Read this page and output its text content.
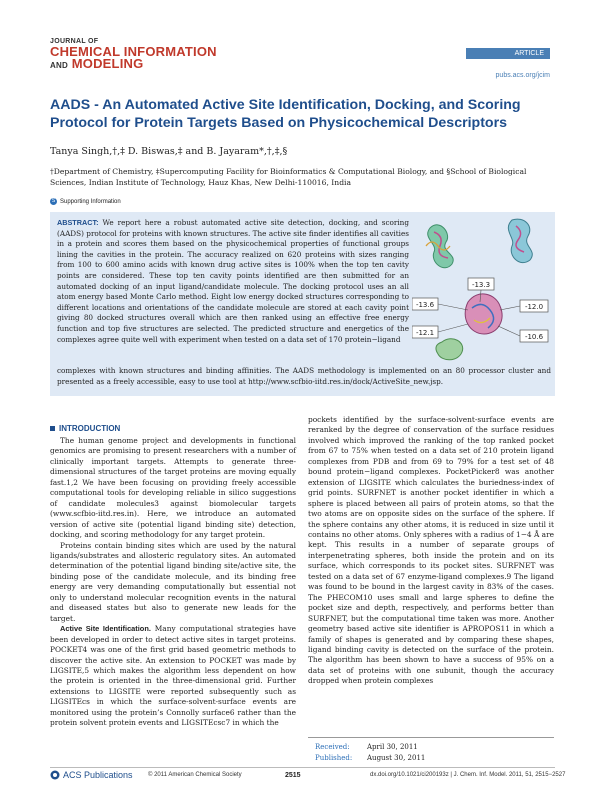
JOURNAL OF
CHEMICAL INFORMATION
AND MODELING
ARTICLE
pubs.acs.org/jcim
AADS - An Automated Active Site Identification, Docking, and Scoring Protocol for Protein Targets Based on Physicochemical Descriptors
Tanya Singh,†,‡ D. Biswas,‡ and B. Jayaram*,†,‡,§
†Department of Chemistry, ‡Supercomputing Facility for Bioinformatics & Computational Biology, and §School of Biological Sciences, Indian Institute of Technology, Hauz Khas, New Delhi-110016, India
S Supporting Information
ABSTRACT: We report here a robust automated active site detection, docking, and scoring (AADS) protocol for proteins with known structures. The active site finder identifies all cavities in a protein and scores them based on the physicochemical properties of functional groups lining the cavities in the protein. The accuracy realized on 620 proteins with sizes ranging from 100 to 600 amino acids with known drug active sites is 100% when the top ten cavity points are considered. These top ten cavity points identified are then submitted for an automated docking of an input ligand/candidate molecule. The docking protocol uses an all atom energy based Monte Carlo method. Eight low energy docked structures corresponding to different locations and orientations of the candidate molecule are stored at each cavity point giving 80 docked structures overall which are then ranked using an effective free energy function and top five structures are selected. The predicted structure and energetics of the complexes agree quite well with experiment when tested on a data set of 170 protein−ligand
complexes with known structures and binding affinities. The AADS methodology is implemented on an 80 processor cluster and presented as a freely accessible, easy to use tool at http://www.scfbio-iitd.res.in/dock/ActiveSite_new.jsp.
-13.3
-13.6	-12.0
-12.1	-10.6
INTRODUCTION

The human genome project and developments in functional genomics are promising to present researchers with a number of clinically important targets. Attempts to generate three-dimensional structures of the target proteins are moving equally fast.1,2 We have been focusing on providing freely accessible computational tools for developing reliable in silico suggestions of candidate molecules3 against biomolecular targets (www.scfbio-iitd.res.in). Here, we introduce an automated version of active site (potential ligand binding site) detection, docking, and scoring methodology for any target protein.

Proteins contain binding sites which are used by the natural ligands/substrates and allosteric regulatory sites. An automated determination of the potential ligand binding site/active site, the binding pose of the candidate molecule, and its binding free energy are very demanding computationally but essential not only to understand molecular recognition events in the natural and diseased states but also to generate new leads for the target.

Active Site Identification. Many computational strategies have been developed in order to detect active sites in target proteins. POCKET4 was one of the first grid based geometric methods to discover the active site. An extension to POCKET was made by LIGSITE,5 which makes the algorithm less dependent on how the protein is oriented in the three-dimensional grid. Further extensions to LIGSITE were reported subsequently such as LIGSITEcs in which the surface-solvent-surface events are monitored using the protein’s Connolly surface6 rather than the protein solvent protein events and LIGSITEcsc7 in which the

pockets identified by the surface-solvent-surface events are reranked by the degree of conservation of the surface residues involved which improved the ranking of the top ranked pocket from 67 to 75% when tested on a data set of 210 protein ligand complexes from PDB and from 69 to 79% for a test set of 48 bound protein−ligand complexes. PocketPicker8 was another extension of LIGSITE which calculates the buriedness-index of grid points. SURFNET is another pocket identifier in which a sphere is placed between all pairs of protein atoms, so that the two atoms are on opposite sides on the surface of the sphere. If the sphere contains any other atoms, it is reduced in size until it contains no other atoms. Only spheres with a radius of 1−4 Å are kept. This results in a number of separate groups of interpenetrating spheres, both inside the protein and on its surface, which corresponds to its pocket sites. SURFNET was tested on a data set of 67 enzyme-ligand complexes.9 The ligand was found to be bound in the largest cavity in 83% of the cases. The PHECOM10 uses small and large spheres to define the pocket size and depth, respectively, and performs better than SURFNET, but the computational time taken was more. Another geometry based active site identifier is APROPOS11 in which a family of shapes is generated and by comparing these shapes, ligand binding cavity is detected on the surface of the protein. The algorithm has been shown to have a success of 95% on a data set of proteins with one subunit, though the accuracy dropped when protein complexes

Received: April 30, 2011
Published: August 30, 2011
ACS Publications	© 2011 American Chemical Society	2515	dx.doi.org/10.1021/ci200193z | J. Chem. Inf. Model. 2011, 51, 2515−2527
